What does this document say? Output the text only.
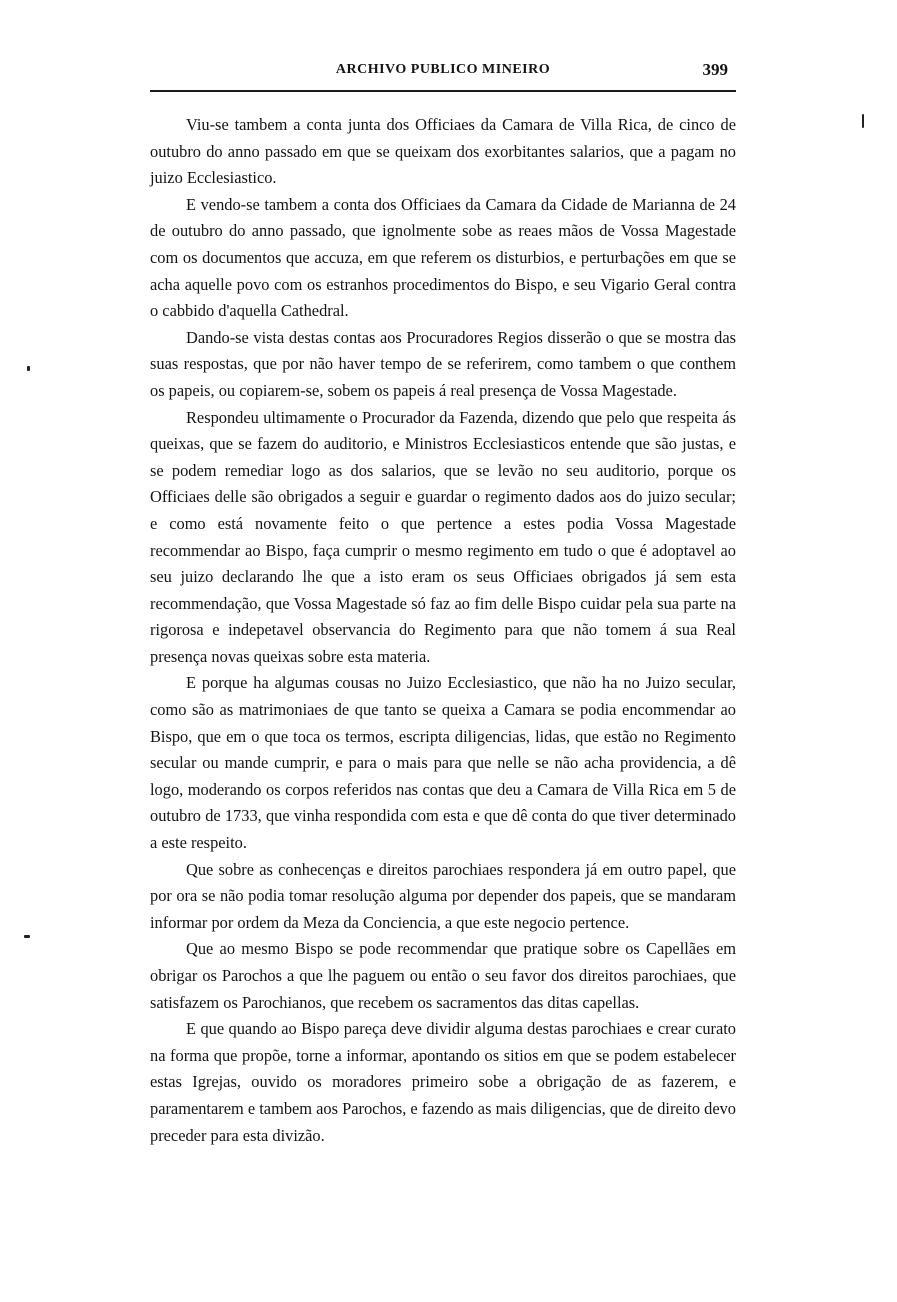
ARCHIVO PUBLICO MINEIRO	399

Viu-se tambem a conta junta dos Officiaes da Camara de Villa Rica, de cinco de outubro do anno passado em que se queixam dos exorbitantes salarios, que a pagam no juizo Ecclesiastico.

E vendo-se tambem a conta dos Officiaes da Camara da Cidade de Marianna de 24 de outubro do anno passado, que ignolmente sobe as reaes mãos de Vossa Magestade com os documentos que accuza, em que referem os disturbios, e perturbações em que se acha aquelle povo com os estranhos procedimentos do Bispo, e seu Vigario Geral contra o cabbido d'aquella Cathedral.

Dando-se vista destas contas aos Procuradores Regios disserão o que se mostra das suas respostas, que por não haver tempo de se referirem, como tambem o que conthem os papeis, ou copiarem-se, sobem os papeis á real presença de Vossa Magestade.

Respondeu ultimamente o Procurador da Fazenda, dizendo que pelo que respeita ás queixas, que se fazem do auditorio, e Ministros Ecclesiasticos entende que são justas, e se podem remediar logo as dos salarios, que se levão no seu auditorio, porque os Officiaes delle são obrigados a seguir e guardar o regimento dados aos do juizo secular; e como está novamente feito o que pertence a estes podia Vossa Magestade recommendar ao Bispo, faça cumprir o mesmo regimento em tudo o que é adoptavel ao seu juizo declarando lhe que a isto eram os seus Officiaes obrigados já sem esta recommendação, que Vossa Magestade só faz ao fim delle Bispo cuidar pela sua parte na rigorosa e indepetavel observancia do Regimento para que não tomem á sua Real presença novas queixas sobre esta materia.

E porque ha algumas cousas no Juizo Ecclesiastico, que não ha no Juizo secular, como são as matrimoniaes de que tanto se queixa a Camara se podia encommendar ao Bispo, que em o que toca os termos, escripta diligencias, lidas, que estão no Regimento secular ou mande cumprir, e para o mais para que nelle se não acha providencia, a dê logo, moderando os corpos referidos nas contas que deu a Camara de Villa Rica em 5 de outubro de 1733, que vinha respondida com esta e que dê conta do que tiver determinado a este respeito.

Que sobre as conhecenças e direitos parochiaes respondera já em outro papel, que por ora se não podia tomar resolução alguma por depender dos papeis, que se mandaram informar por ordem da Meza da Conciencia, a que este negocio pertence.

Que ao mesmo Bispo se pode recommendar que pratique sobre os Capellães em obrigar os Parochos a que lhe paguem ou então o seu favor dos direitos parochiaes, que satisfazem os Parochianos, que recebem os sacramentos das ditas capellas.

E que quando ao Bispo pareça deve dividir alguma destas parochiaes e crear curato na forma que propõe, torne a informar, apontando os sitios em que se podem estabelecer estas Igrejas, ouvido os moradores primeiro sobe a obrigação de as fazerem, e paramentarem e tambem aos Parochos, e fazendo as mais diligencias, que de direito devo preceder para esta divizão.
